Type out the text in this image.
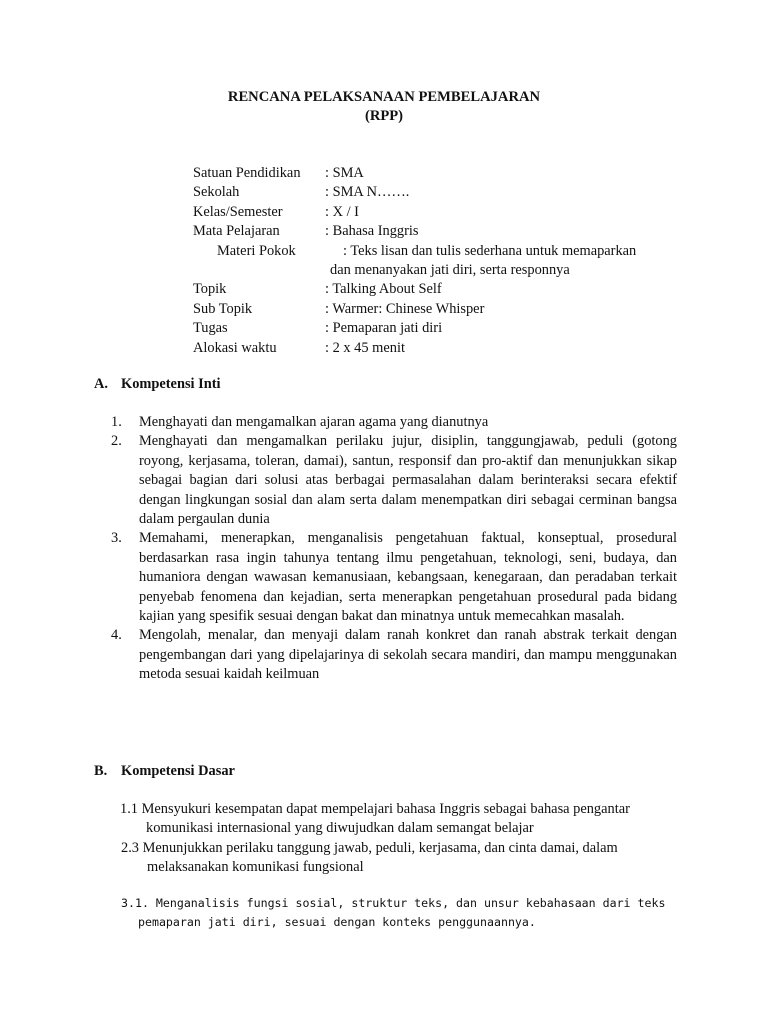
RENCANA PELAKSANAAN PEMBELAJARAN
(RPP)
Satuan Pendidikan : SMA
Sekolah	: SMA N…….
Kelas/Semester	: X / I
Mata Pelajaran	: Bahasa Inggris
Materi Pokok	: Teks lisan dan tulis sederhana untuk memaparkan
dan menanyakan jati diri, serta responnya
Topik	: Talking About Self
Sub Topik	: Warmer: Chinese Whisper
Tugas	: Pemaparan jati diri
Alokasi waktu	: 2 x 45 menit
A. Kompetensi Inti
1. Menghayati dan mengamalkan ajaran agama yang dianutnya
2. Menghayati dan mengamalkan perilaku jujur, disiplin, tanggungjawab, peduli (gotong royong, kerjasama, toleran, damai), santun, responsif dan pro-aktif dan menunjukkan sikap sebagai bagian dari solusi atas berbagai permasalahan dalam berinteraksi secara efektif dengan lingkungan sosial dan alam serta dalam menempatkan diri sebagai cerminan bangsa dalam pergaulan dunia
3. Memahami, menerapkan, menganalisis pengetahuan faktual, konseptual, prosedural berdasarkan rasa ingin tahunya tentang ilmu pengetahuan, teknologi, seni, budaya, dan humaniora dengan wawasan kemanusiaan, kebangsaan, kenegaraan, dan peradaban terkait penyebab fenomena dan kejadian, serta menerapkan pengetahuan prosedural pada bidang kajian yang spesifik sesuai dengan bakat dan minatnya untuk memecahkan masalah.
4. Mengolah, menalar, dan menyaji dalam ranah konkret dan ranah abstrak terkait dengan pengembangan dari yang dipelajarinya di sekolah secara mandiri, dan mampu menggunakan metoda sesuai kaidah keilmuan
B. Kompetensi Dasar
1.1 Mensyukuri kesempatan dapat mempelajari bahasa Inggris sebagai bahasa pengantar
komunikasi internasional yang diwujudkan dalam semangat belajar
2.3 Menunjukkan perilaku tanggung jawab, peduli, kerjasama, dan cinta damai, dalam
melaksanakan komunikasi fungsional
3.1. Menganalisis fungsi sosial, struktur teks, dan unsur kebahasaan dari teks
pemaparan jati diri, sesuai dengan konteks penggunaannya.
